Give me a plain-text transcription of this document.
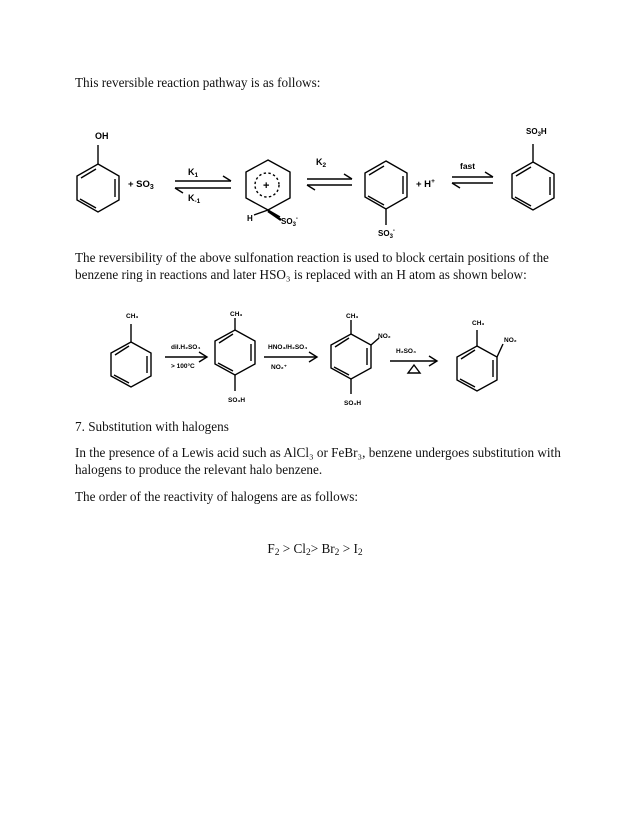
This reversible reaction pathway is as follows:

OH
+ $SO_3$
$K_1$
$K_{-1}$
+
H	$SO_3^-$
$K_2$
$SO_3^-$
+ H+
fast
$SO_3H$

The reversibility of the above sulfonation reaction is used to block certain positions of the benzene ring in reactions and later HSO₃ is replaced with an H atom as shown below:

CH₃
dil.H₂SO₄
> 100°C
CH₃
SO₃H
HNO₃/H₂SO₄
NO₂⁺
CH₃
NO₂
SO₃H
H₂SO₄
CH₃
NO₂

7. Substitution with halogens

In the presence of a Lewis acid such as AlCl₃ or FeBr₃, benzene undergoes substitution with halogens to produce the relevant halo benzene.

The order of the reactivity of halogens are as follows:

$F_2 > Cl_2> Br_2 > I_2$
